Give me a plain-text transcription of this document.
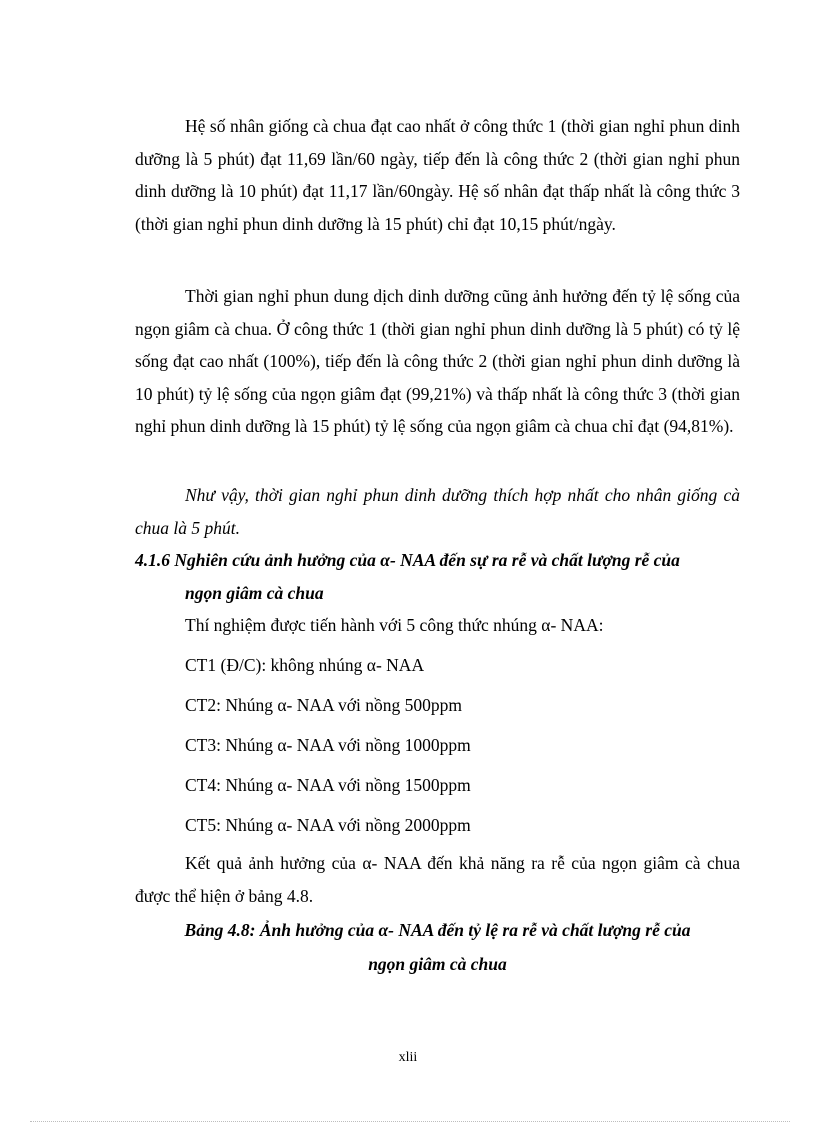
Hệ số nhân giống cà chua đạt cao nhất ở công thức 1 (thời gian nghỉ phun dinh dưỡng là 5 phút) đạt 11,69 lần/60 ngày, tiếp đến là công thức 2 (thời gian nghỉ phun dinh dưỡng là 10 phút) đạt 11,17 lần/60ngày. Hệ số nhân đạt thấp nhất là công thức 3 (thời gian nghỉ phun dinh dưỡng là 15 phút) chỉ đạt 10,15 phút/ngày.

Thời gian nghỉ phun dung dịch dinh dưỡng cũng ảnh hưởng đến tỷ lệ sống của ngọn giâm cà chua. Ở công thức 1 (thời gian nghỉ phun dinh dưỡng là 5 phút) có tỷ lệ sống đạt cao nhất (100%), tiếp đến là công thức 2 (thời gian nghỉ phun dinh dưỡng là 10 phút) tỷ lệ sống của ngọn giâm đạt (99,21%) và thấp nhất là công thức 3 (thời gian nghỉ phun dinh dưỡng là 15 phút) tỷ lệ sống của ngọn giâm cà chua chỉ đạt (94,81%).

Như vậy, thời gian nghỉ phun dinh dưỡng thích hợp nhất cho nhân giống cà chua là 5 phút.

4.1.6 Nghiên cứu ảnh hưởng của α- NAA đến sự ra rễ và chất lượng rễ của
ngọn giâm cà chua

Thí nghiệm được tiến hành với 5 công thức nhúng α- NAA:

CT1 (Đ/C): không nhúng α- NAA

CT2: Nhúng α- NAA với nồng 500ppm

CT3: Nhúng α- NAA với nồng 1000ppm

CT4: Nhúng α- NAA với nồng 1500ppm

CT5: Nhúng α- NAA với nồng 2000ppm

Kết quả ảnh hưởng của α- NAA đến khả năng ra rễ của ngọn giâm cà chua được thể hiện ở bảng 4.8.

Bảng 4.8: Ảnh hưởng của α- NAA đến tỷ lệ ra rễ và chất lượng rễ của
ngọn giâm cà chua

xlii
